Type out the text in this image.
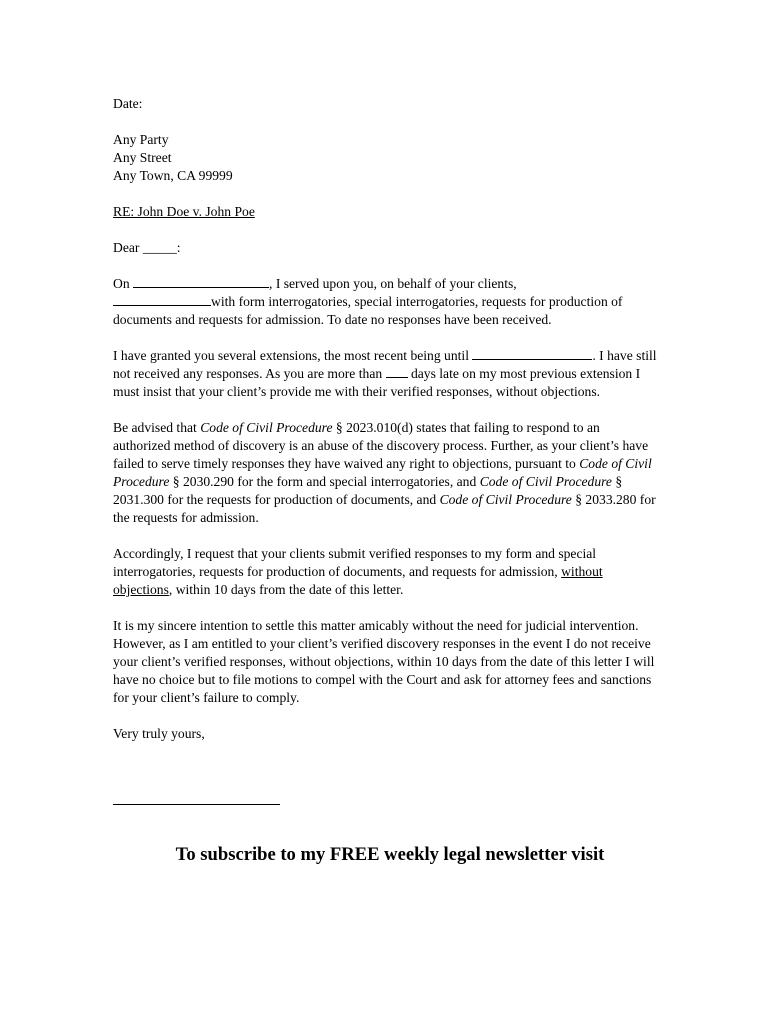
Date:

Any Party
Any Street
Any Town, CA 99999

RE: John Doe v. John Poe

Dear _____:

On	, I served upon you, on behalf of your clients,
with form interrogatories, special interrogatories, requests for production of documents and requests for admission. To date no responses have been received.

I have granted you several extensions, the most recent being until	. I have still not received any responses. As you are more than  days late on my most previous extension I must insist that your client’s provide me with their verified responses, without objections.

Be advised that Code of Civil Procedure § 2023.010(d) states that failing to respond to an authorized method of discovery is an abuse of the discovery process. Further, as your client’s have failed to serve timely responses they have waived any right to objections, pursuant to Code of Civil Procedure § 2030.290 for the form and special interrogatories, and Code of Civil Procedure § 2031.300 for the requests for production of documents, and Code of Civil Procedure § 2033.280 for the requests for admission.

Accordingly, I request that your clients submit verified responses to my form and special interrogatories, requests for production of documents, and requests for admission, without objections, within 10 days from the date of this letter.

It is my sincere intention to settle this matter amicably without the need for judicial intervention. However, as I am entitled to your client’s verified discovery responses in the event I do not receive your client’s verified responses, without objections, within 10 days from the date of this letter I will have no choice but to file motions to compel with the Court and ask for attorney fees and sanctions for your client’s failure to comply.

Very truly yours,

To subscribe to my FREE weekly legal newsletter visit
